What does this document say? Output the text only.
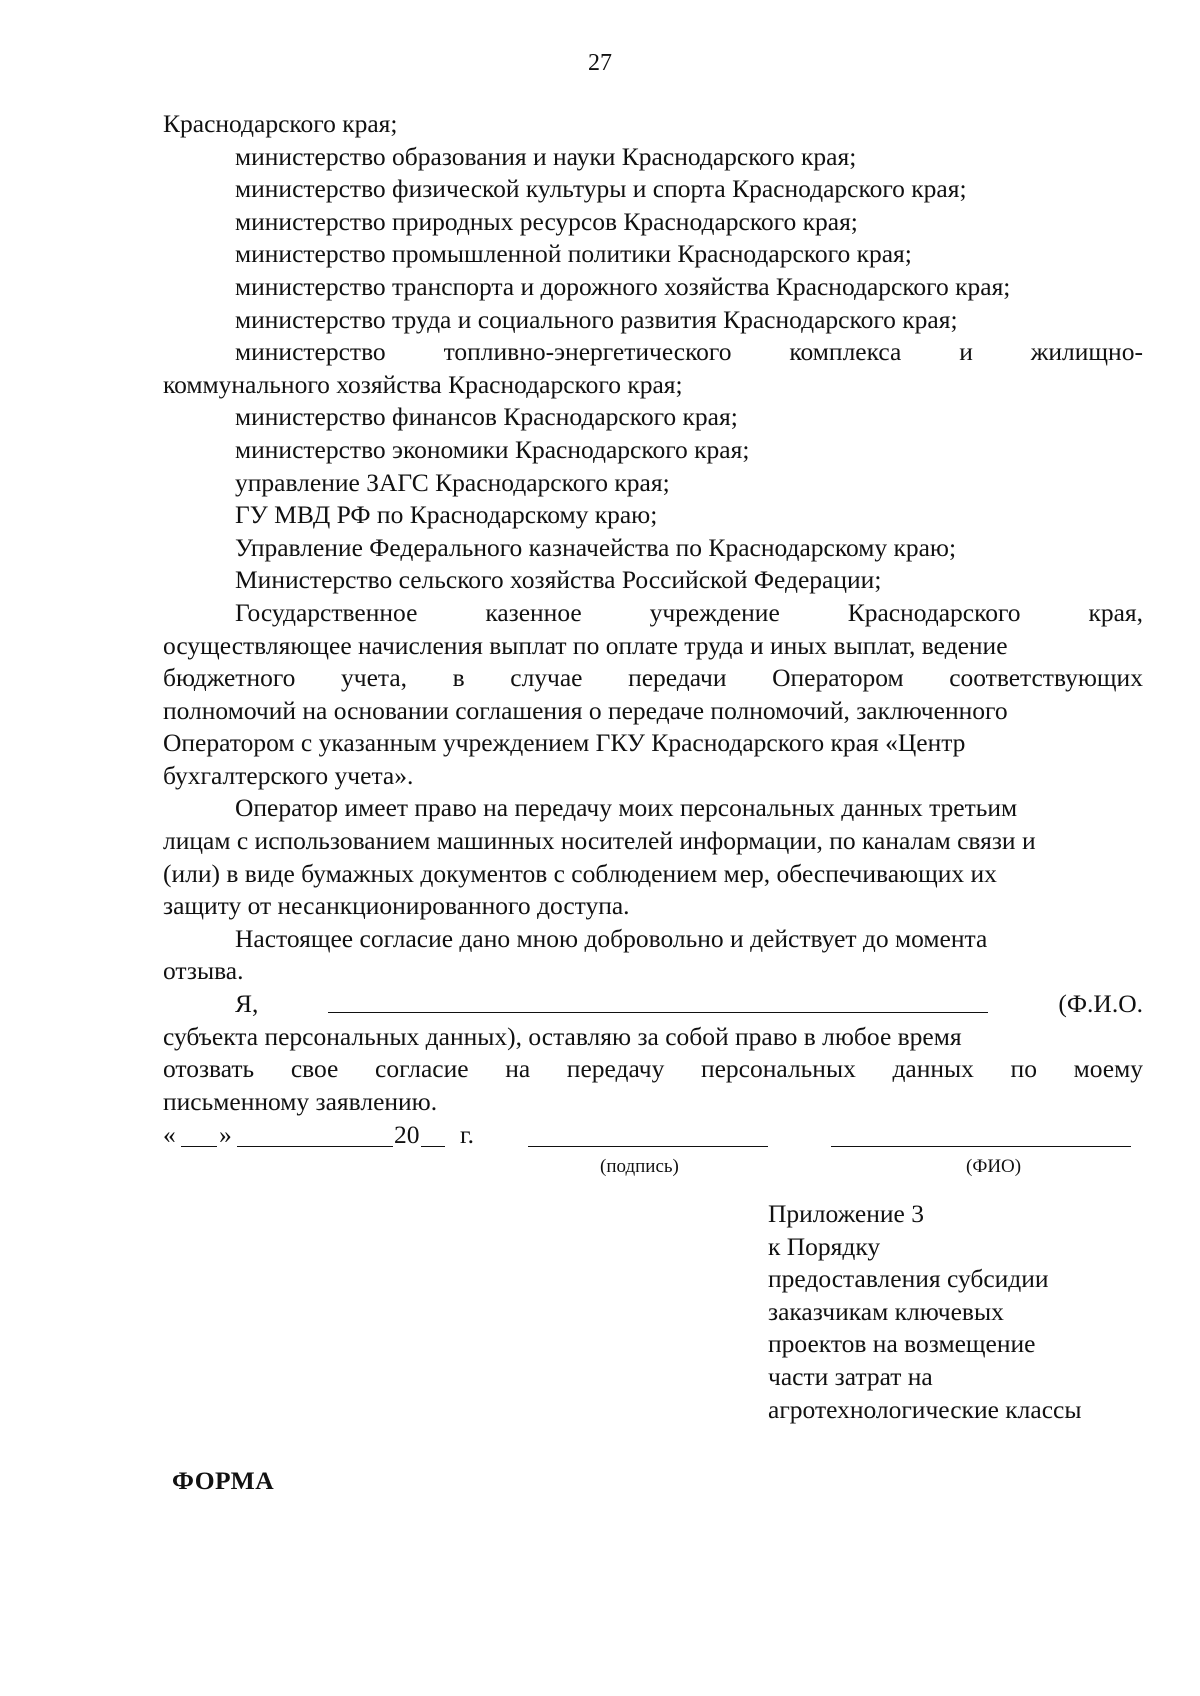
27
Краснодарского края;
министерство образования и науки Краснодарского края;
министерство физической культуры и спорта Краснодарского края;
министерство природных ресурсов Краснодарского края;
министерство промышленной политики Краснодарского края;
министерство транспорта и дорожного хозяйства Краснодарского края;
министерство труда и социального развития Краснодарского края;
министерство топливно-энергетического комплекса и жилищно-
коммунального хозяйства Краснодарского края;
министерство финансов Краснодарского края;
министерство экономики Краснодарского края;
управление ЗАГС Краснодарского края;
ГУ МВД РФ по Краснодарскому краю;
Управление Федерального казначейства по Краснодарскому краю;
Министерство сельского хозяйства Российской Федерации;
Государственное	казенное	учреждение	Краснодарского	края,
осуществляющее начисления выплат по оплате труда и иных выплат, ведение
бюджетного учета, в случае передачи Оператором соответствующих
полномочий на основании соглашения о передаче полномочий, заключенного
Оператором с указанным учреждением ГКУ Краснодарского края «Центр
бухгалтерского учета».
Оператор имеет право на передачу моих персональных данных третьим
лицам с использованием машинных носителей информации, по каналам связи и
(или) в виде бумажных документов с соблюдением мер, обеспечивающих их
защиту от несанкционированного доступа.
Настоящее согласие дано мною добровольно и действует до момента
отзыва.
Я,	(Ф.И.О.
субъекта персональных данных), оставляю за собой право в любое время
отозвать свое согласие на передачу персональных данных по моему
письменному заявлению.
« »	20 г.
(подпись)	(ФИО)
Приложение 3
к Порядку
предоставления субсидии
заказчикам ключевых
проектов на возмещение
части затрат на
агротехнологические классы
ФОРМА
